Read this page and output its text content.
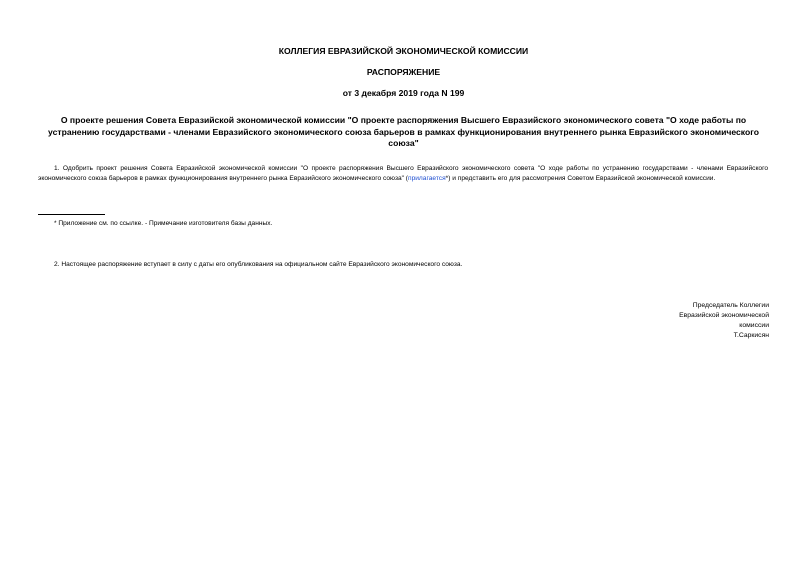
КОЛЛЕГИЯ ЕВРАЗИЙСКОЙ ЭКОНОМИЧЕСКОЙ КОМИССИИ
РАСПОРЯЖЕНИЕ
от 3 декабря 2019 года N 199
О проекте решения Совета Евразийской экономической комиссии "О проекте распоряжения Высшего Евразийского экономического совета "О ходе работы по устранению государствами - членами Евразийского экономического союза барьеров в рамках функционирования внутреннего рынка Евразийского экономического союза"
1. Одобрить проект решения Совета Евразийской экономической комиссии "О проекте распоряжения Высшего Евразийского экономического совета "О ходе работы по устранению государствами - членами Евразийского экономического союза барьеров в рамках функционирования внутреннего рынка Евразийского экономического союза" (прилагается*) и представить его для рассмотрения Советом Евразийской экономической комиссии.
* Приложение см. по ссылке. - Примечание изготовителя базы данных.
2. Настоящее распоряжение вступает в силу с даты его опубликования на официальном сайте Евразийского экономического союза.
Председатель Коллегии
Евразийской экономической
комиссии
Т.Саркисян
